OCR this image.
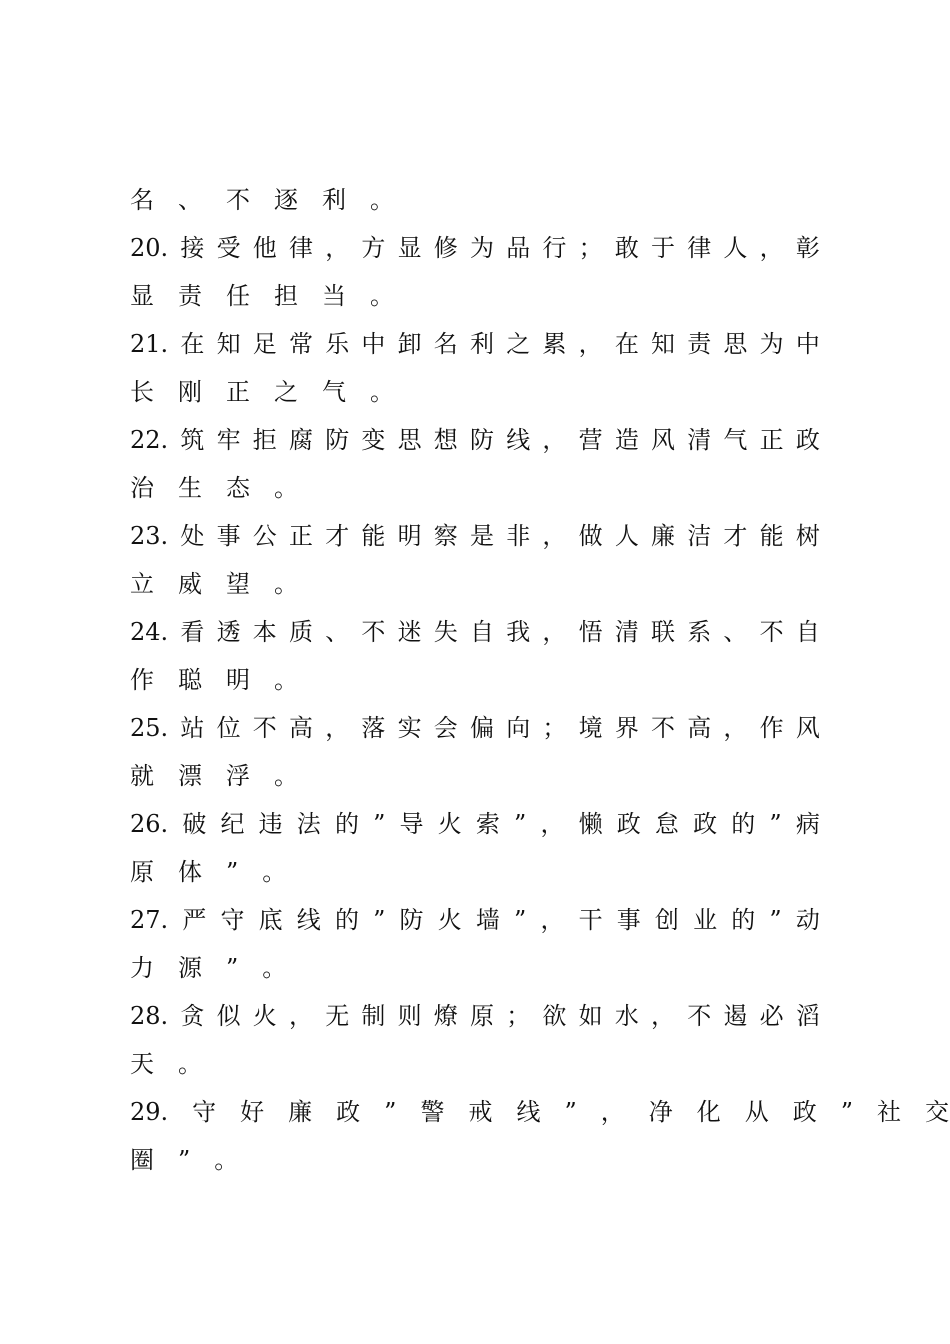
名 、 不 逐 利 。
20. 接 受 他 律 ， 方 显 修 为 品 行 ； 敢 于 律 人 ， 彰
显 责 任 担 当 。
21. 在 知 足 常 乐 中 卸 名 利 之 累 ， 在 知 责 思 为 中
长 刚 正 之 气 。
22. 筑 牢 拒 腐 防 变 思 想 防 线 ， 营 造 风 清 气 正 政
治 生 态 。
23. 处 事 公 正 才 能 明 察 是 非 ， 做 人 廉 洁 才 能 树
立 威 望 。
24. 看 透 本 质 、 不 迷 失 自 我 ， 悟 清 联 系 、 不 自
作 聪 明 。
25. 站 位 不 高 ， 落 实 会 偏 向 ； 境 界 不 高 ， 作 风
就 漂 浮 。
26. 破 纪 违 法 的 ” 导 火 索 ” ， 懒 政 怠 政 的 ” 病
原 体 ” 。
27. 严 守 底 线 的 ” 防 火 墙 ” ， 干 事 创 业 的 ” 动
力 源 ” 。
28. 贪 似 火 ， 无 制 则 燎 原 ； 欲 如 水 ， 不 遏 必 滔
天 。
29. 守 好 廉 政 ” 警 戒 线 ” ， 净 化 从 政 ” 社 交
圈 ” 。
